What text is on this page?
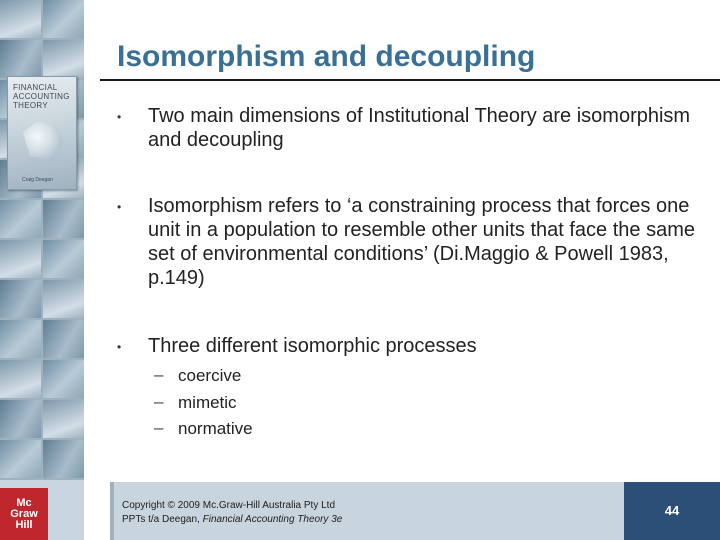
FINANCIAL
ACCOUNTING
THEORY
Craig Deegan
Mc
Graw
Hill
Isomorphism and decoupling
• Two main dimensions of Institutional Theory are isomorphism and decoupling
• Isomorphism refers to ‘a constraining process that forces one unit in a population to resemble other units that face the same set of environmental conditions’ (Di.Maggio & Powell 1983, p.149)
• Three different isomorphic processes
– coercive
– mimetic
– normative
Copyright © 2009 Mc.Graw-Hill Australia Pty Ltd
PPTs t/a Deegan, Financial Accounting Theory 3e
44
